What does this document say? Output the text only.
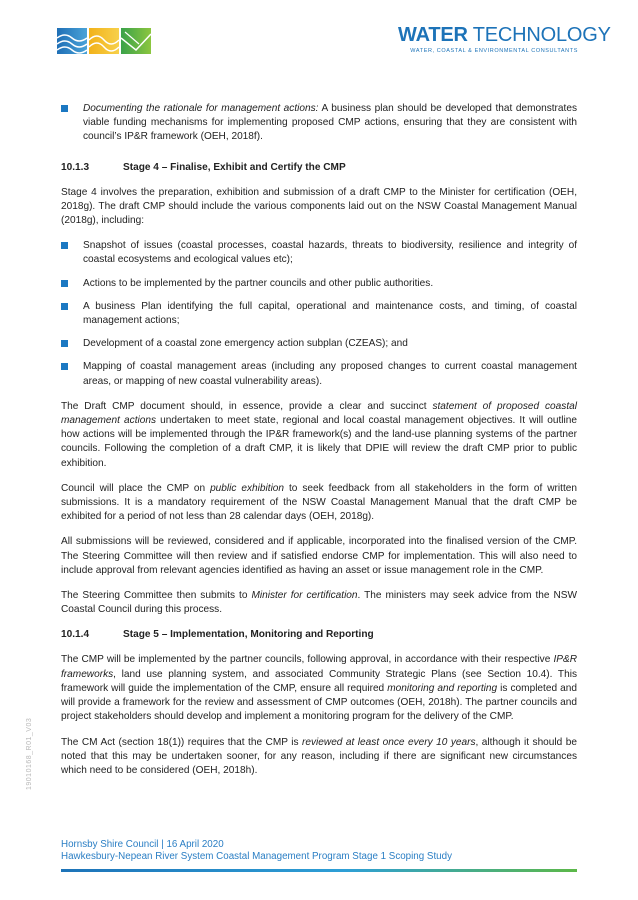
WATER TECHNOLOGY
WATER, COASTAL & ENVIRONMENTAL CONSULTANTS
Documenting the rationale for management actions: A business plan should be developed that demonstrates viable funding mechanisms for implementing proposed CMP actions, ensuring that they are consistent with council’s IP&R framework (OEH, 2018f).
10.1.3	Stage 4 – Finalise, Exhibit and Certify the CMP

Stage 4 involves the preparation, exhibition and submission of a draft CMP to the Minister for certification (OEH, 2018g). The draft CMP should include the various components laid out on the NSW Coastal Management Manual (2018g), including:

Snapshot of issues (coastal processes, coastal hazards, threats to biodiversity, resilience and integrity of coastal ecosystems and ecological values etc);
Actions to be implemented by the partner councils and other public authorities.
A business Plan identifying the full capital, operational and maintenance costs, and timing, of coastal management actions;
Development of a coastal zone emergency action subplan (CZEAS); and
Mapping of coastal management areas (including any proposed changes to current coastal management areas, or mapping of new coastal vulnerability areas).

The Draft CMP document should, in essence, provide a clear and succinct statement of proposed coastal management actions undertaken to meet state, regional and local coastal management objectives. It will outline how actions will be implemented through the IP&R framework(s) and the land-use planning systems of the partner councils. Following the completion of a draft CMP, it is likely that DPIE will review the draft CMP prior to public exhibition.

Council will place the CMP on public exhibition to seek feedback from all stakeholders in the form of written submissions. It is a mandatory requirement of the NSW Coastal Management Manual that the draft CMP be exhibited for a period of not less than 28 calendar days (OEH, 2018g).

All submissions will be reviewed, considered and if applicable, incorporated into the finalised version of the CMP. The Steering Committee will then review and if satisfied endorse CMP for implementation. This will also need to include approval from relevant agencies identified as having an asset or issue management role in the CMP.

The Steering Committee then submits to Minister for certification. The ministers may seek advice from the NSW Coastal Council during this process.

10.1.4	Stage 5 – Implementation, Monitoring and Reporting

The CMP will be implemented by the partner councils, following approval, in accordance with their respective IP&R frameworks, land use planning system, and associated Community Strategic Plans (see Section 10.4). This framework will guide the implementation of the CMP, ensure all required monitoring and reporting is completed and will provide a framework for the review and assessment of CMP outcomes (OEH, 2018h). The partner councils and project stakeholders should develop and implement a monitoring program for the delivery of the CMP.

The CM Act (section 18(1)) requires that the CMP is reviewed at least once every 10 years, although it should be noted that this may be undertaken sooner, for any reason, including if there are significant new circumstances which need to be considered (OEH, 2018h).

19010168_R01_V03
Hornsby Shire Council | 16 April 2020
Hawkesbury-Nepean River System Coastal Management Program Stage 1 Scoping Study
